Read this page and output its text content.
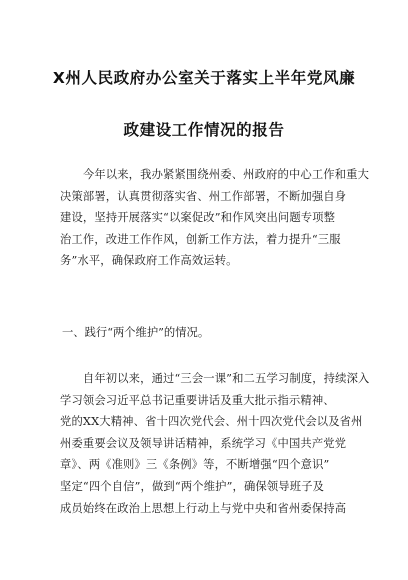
X州人民政府办公室关于落实上半年党风廉
政建设工作情况的报告
　　今年以来，我办紧紧围绕州委、州政府的中心工作和重大
决策部署，认真贯彻落实省、州工作部署，不断加强自身
建设，坚持开展落实“以案促改”和作风突出问题专项整
治工作，改进工作作风，创新工作方法，着力提升“三服
务”水平，确保政府工作高效运转。
一、践行“两个维护”的情况。
　　自年初以来，通过“三会一课”和二五学习制度，持续深入
学习领会习近平总书记重要讲话及重大批示指示精神、
党的XX大精神、省十四次党代会、州十四次党代会以及省州
州委重要会议及领导讲话精神，系统学习《中国共产党党
章》、两《准则》三《条例》等，不断增强“四个意识”
坚定“四个自信”，做到“两个维护”，确保领导班子及
成员始终在政治上思想上行动上与党中央和省州委保持高
